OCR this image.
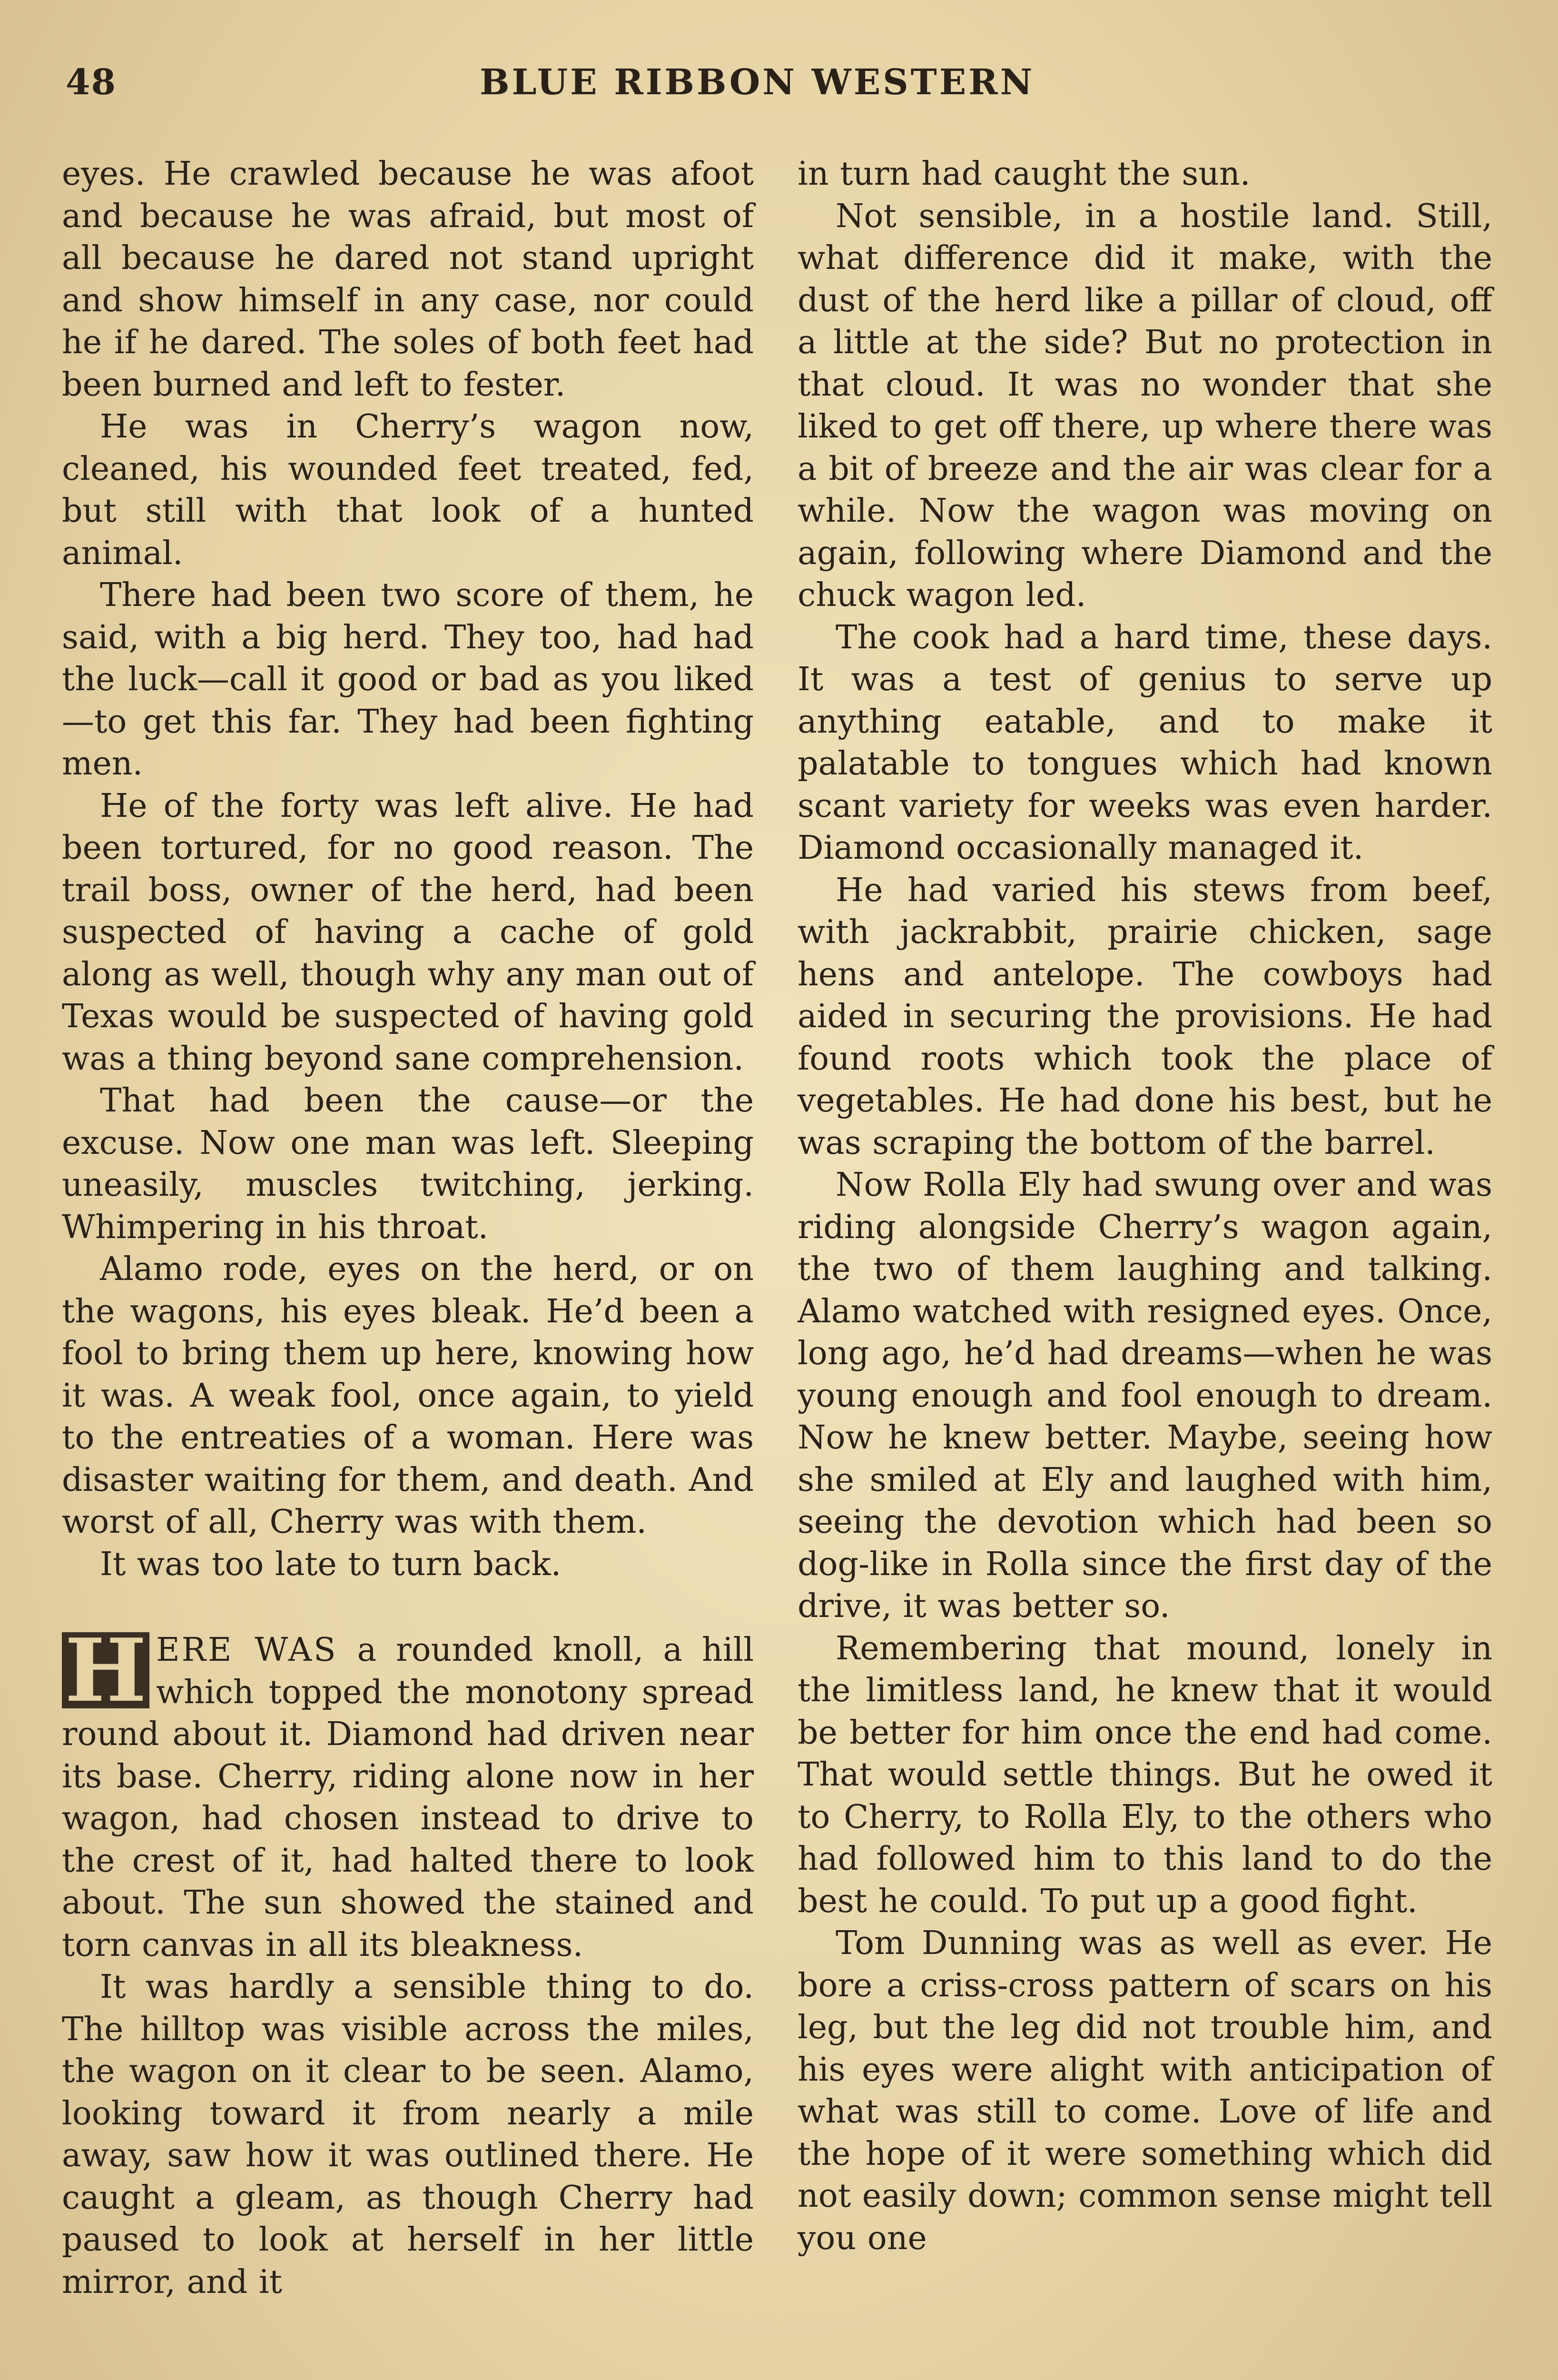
48	BLUE RIBBON WESTERN

eyes. He crawled because he was afoot and because he was afraid, but most of all because he dared not stand upright and show himself in any case, nor could he if he dared. The soles of both feet had been burned and left to fester.

He was in Cherry’s wagon now, cleaned, his wounded feet treated, fed, but still with that look of a hunted animal.

There had been two score of them, he said, with a big herd. They too, had had the luck—call it good or bad as you liked—to get this far. They had been fighting men.

He of the forty was left alive. He had been tortured, for no good reason. The trail boss, owner of the herd, had been suspected of having a cache of gold along as well, though why any man out of Texas would be suspected of having gold was a thing beyond sane comprehension.

That had been the cause—or the excuse. Now one man was left. Sleeping uneasily, muscles twitching, jerking. Whimpering in his throat.

Alamo rode, eyes on the herd, or on the wagons, his eyes bleak. He’d been a fool to bring them up here, knowing how it was. A weak fool, once again, to yield to the entreaties of a woman. Here was disaster waiting for them, and death. And worst of all, Cherry was with them.

It was too late to turn back.

H ERE WAS a rounded knoll, a hill which topped the monotony spread round about it. Diamond had driven near its base. Cherry, riding alone now in her wagon, had chosen instead to drive to the crest of it, had halted there to look about. The sun showed the stained and torn canvas in all its bleakness.

It was hardly a sensible thing to do. The hilltop was visible across the miles, the wagon on it clear to be seen. Alamo, looking toward it from nearly a mile away, saw how it was outlined there. He caught a gleam, as though Cherry had paused to look at herself in her little mirror, and it

in turn had caught the sun.

Not sensible, in a hostile land. Still, what difference did it make, with the dust of the herd like a pillar of cloud, off a little at the side? But no protection in that cloud. It was no wonder that she liked to get off there, up where there was a bit of breeze and the air was clear for a while. Now the wagon was moving on again, following where Diamond and the chuck wagon led.

The cook had a hard time, these days. It was a test of genius to serve up anything eatable, and to make it palatable to tongues which had known scant variety for weeks was even harder. Diamond occasionally managed it.

He had varied his stews from beef, with jackrabbit, prairie chicken, sage hens and antelope. The cowboys had aided in securing the provisions. He had found roots which took the place of vegetables. He had done his best, but he was scraping the bottom of the barrel.

Now Rolla Ely had swung over and was riding alongside Cherry’s wagon again, the two of them laughing and talking. Alamo watched with resigned eyes. Once, long ago, he’d had dreams—when he was young enough and fool enough to dream. Now he knew better. Maybe, seeing how she smiled at Ely and laughed with him, seeing the devotion which had been so dog-like in Rolla since the first day of the drive, it was better so.

Remembering that mound, lonely in the limitless land, he knew that it would be better for him once the end had come. That would settle things. But he owed it to Cherry, to Rolla Ely, to the others who had followed him to this land to do the best he could. To put up a good fight.

Tom Dunning was as well as ever. He bore a criss-cross pattern of scars on his leg, but the leg did not trouble him, and his eyes were alight with anticipation of what was still to come. Love of life and the hope of it were something which did not easily down; common sense might tell you one
